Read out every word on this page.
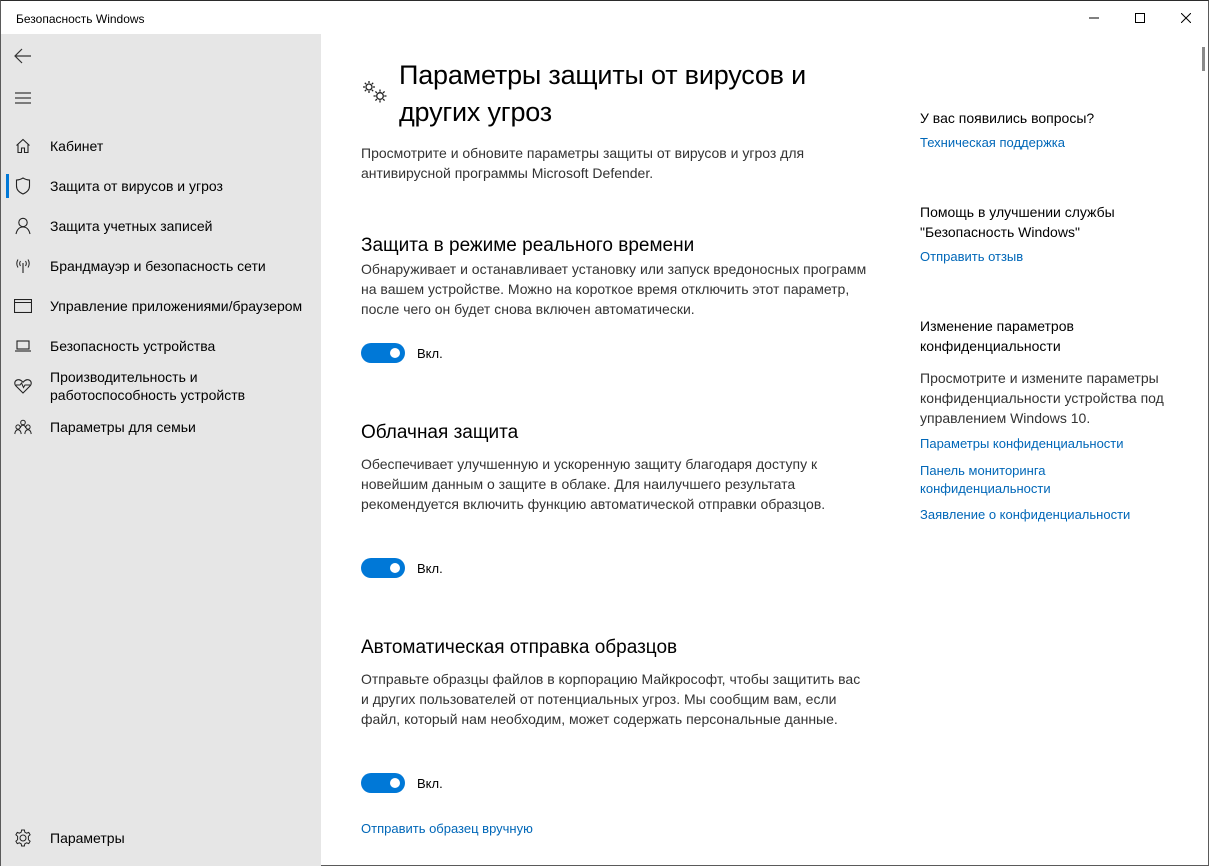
Безопасность Windows
Кабинет
Защита от вирусов и угроз
Защита учетных записей
Брандмауэр и безопасность сети
Управление приложениями/браузером
Безопасность устройства
Производительность и работоспособность устройств
Параметры для семьи
Параметры
Параметры защиты от вирусов и других угроз

Просмотрите и обновите параметры защиты от вирусов и угроз для антивирусной программы Microsoft Defender.

Защита в режиме реального времени

Обнаруживает и останавливает установку или запуск вредоносных программ на вашем устройстве. Можно на короткое время отключить этот параметр, после чего он будет снова включен автоматически.

Вкл.
Облачная защита

Обеспечивает улучшенную и ускоренную защиту благодаря доступу к новейшим данным о защите в облаке. Для наилучшего результата рекомендуется включить функцию автоматической отправки образцов.

Вкл.
Автоматическая отправка образцов

Отправьте образцы файлов в корпорацию Майкрософт, чтобы защитить вас и других пользователей от потенциальных угроз. Мы сообщим вам, если файл, который нам необходим, может содержать персональные данные.

Вкл.
Отправить образец вручную
У вас появились вопросы?
Техническая поддержка
Помощь в улучшении службы "Безопасность Windows"
Отправить отзыв
Изменение параметров конфиденциальности
Просмотрите и измените параметры конфиденциальности устройства под управлением Windows 10.
Параметры конфиденциальности
Панель мониторинга конфиденциальности
Заявление о конфиденциальности
